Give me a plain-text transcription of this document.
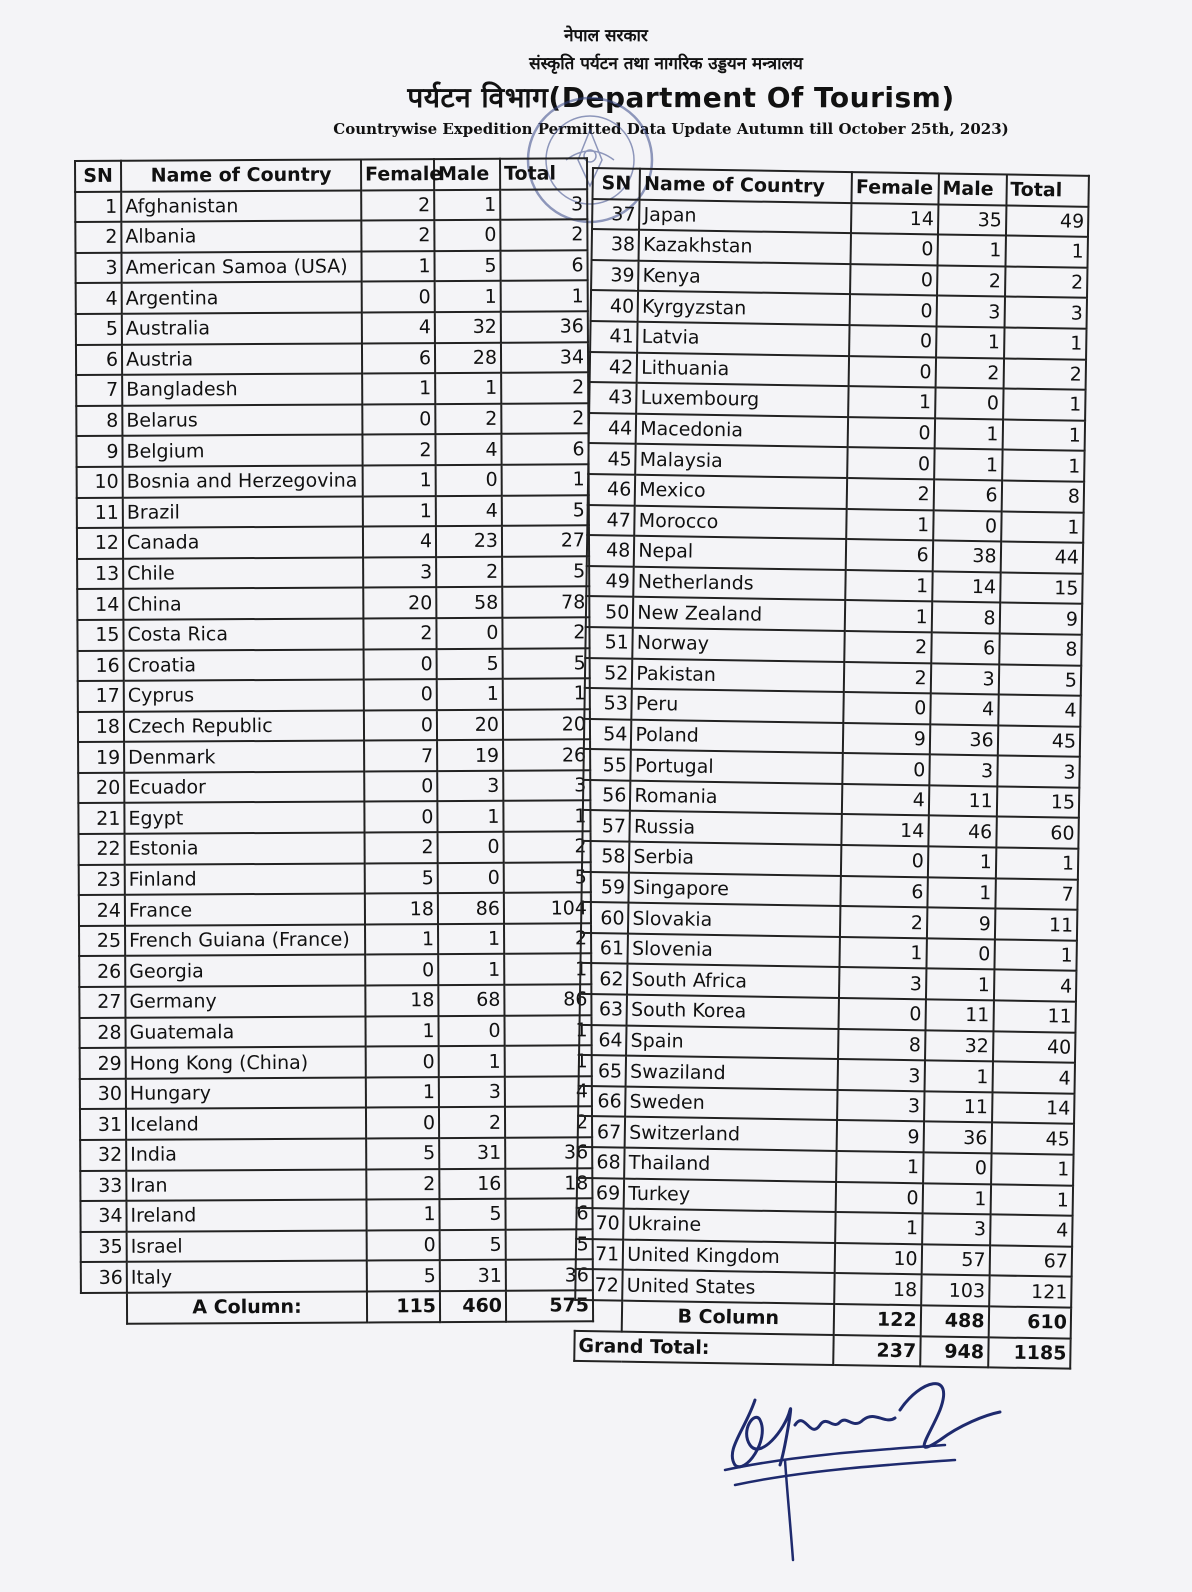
नेपाल सरकार
संस्कृति पर्यटन तथा नागरिक उड्डयन मन्त्रालय
पर्यटन विभाग(Department Of Tourism)
Countrywise Expedition Permitted Data Update Autumn till October 25th, 2023)
SN	Name of Country	Female	Male	Total
1	Afghanistan	2	1	3
2	Albania	2	0	2
3	American Samoa (USA)	1	5	6
4	Argentina	0	1	1
5	Australia	4	32	36
6	Austria	6	28	34
7	Bangladesh	1	1	2
8	Belarus	0	2	2
9	Belgium	2	4	6
10	Bosnia and Herzegovina	1	0	1
11	Brazil	1	4	5
12	Canada	4	23	27
13	Chile	3	2	5
14	China	20	58	78
15	Costa Rica	2	0	2
16	Croatia	0	5	5
17	Cyprus	0	1	1
18	Czech Republic	0	20	20
19	Denmark	7	19	26
20	Ecuador	0	3	3
21	Egypt	0	1	1
22	Estonia	2	0	2
23	Finland	5	0	5
24	France	18	86	104
25	French Guiana (France)	1	1	2
26	Georgia	0	1	1
27	Germany	18	68	86
28	Guatemala	1	0	1
29	Hong Kong (China)	0	1	1
30	Hungary	1	3	4
31	Iceland	0	2	2
32	India	5	31	36
33	Iran	2	16	18
34	Ireland	1	5	6
35	Israel	0	5	5
36	Italy	5	31	36
	A Column:	115	460	575
SN	Name of Country	Female	Male	Total
37	Japan	14	35	49
38	Kazakhstan	0	1	1
39	Kenya	0	2	2
40	Kyrgyzstan	0	3	3
41	Latvia	0	1	1
42	Lithuania	0	2	2
43	Luxembourg	1	0	1
44	Macedonia	0	1	1
45	Malaysia	0	1	1
46	Mexico	2	6	8
47	Morocco	1	0	1
48	Nepal	6	38	44
49	Netherlands	1	14	15
50	New Zealand	1	8	9
51	Norway	2	6	8
52	Pakistan	2	3	5
53	Peru	0	4	4
54	Poland	9	36	45
55	Portugal	0	3	3
56	Romania	4	11	15
57	Russia	14	46	60
58	Serbia	0	1	1
59	Singapore	6	1	7
60	Slovakia	2	9	11
61	Slovenia	1	0	1
62	South Africa	3	1	4
63	South Korea	0	11	11
64	Spain	8	32	40
65	Swaziland	3	1	4
66	Sweden	3	11	14
67	Switzerland	9	36	45
68	Thailand	1	0	1
69	Turkey	0	1	1
70	Ukraine	1	3	4
71	United Kingdom	10	57	67
72	United States	18	103	121
	B Column	122	488	610
Grand Total:		237	948	1185
